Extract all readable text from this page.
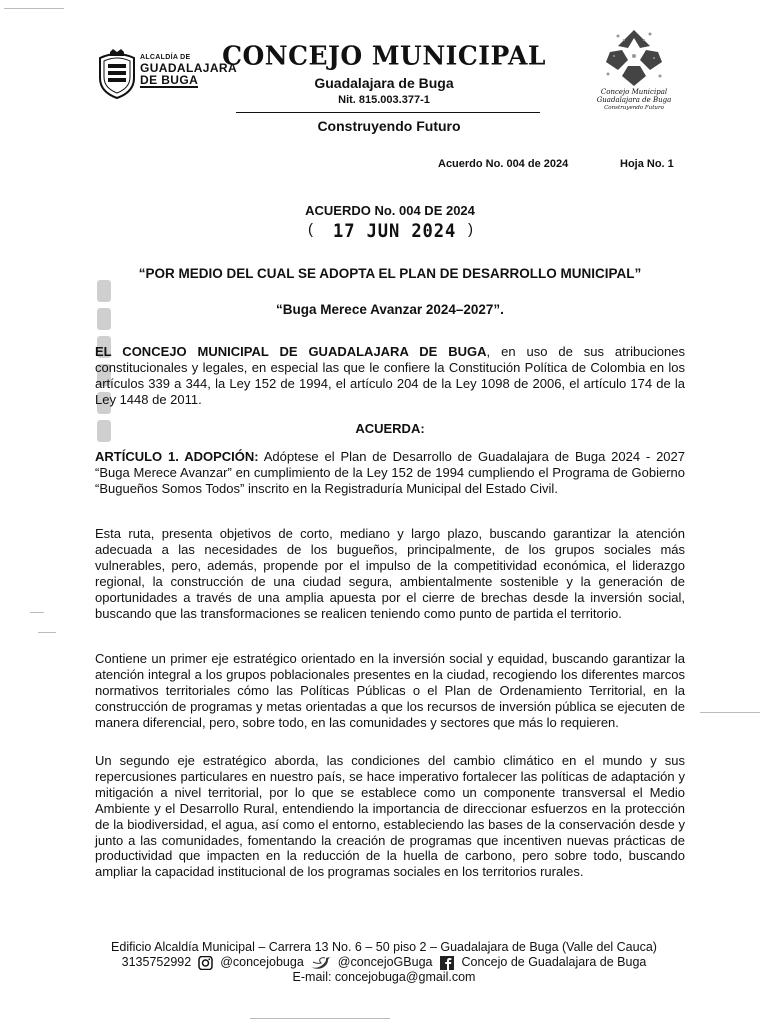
ALCALDÍA DE
GUADALAJARA
DE BUGA
CONCEJO MUNICIPAL
Guadalajara de Buga
Nit. 815.003.377-1
Construyendo Futuro
Concejo Municipal
Guadalajara de Buga
Construyendo Futuro
Acuerdo No. 004 de 2024	Hoja No. 1
ACUERDO No. 004 DE 2024
( 17 JUN 2024 )
“POR MEDIO DEL CUAL SE ADOPTA EL PLAN DE DESARROLLO MUNICIPAL”
“Buga Merece Avanzar 2024–2027”.
EL CONCEJO MUNICIPAL DE GUADALAJARA DE BUGA, en uso de sus atribuciones constitucionales y legales, en especial las que le confiere la Constitución Política de Colombia en los artículos 339 a 344, la Ley 152 de 1994, el artículo 204 de la Ley 1098 de 2006, el artículo 174 de la Ley 1448 de 2011.
ACUERDA:
ARTÍCULO 1. ADOPCIÓN: Adóptese el Plan de Desarrollo de Guadalajara de Buga 2024 - 2027 “Buga Merece Avanzar” en cumplimiento de la Ley 152 de 1994 cumpliendo el Programa de Gobierno “Bugueños Somos Todos” inscrito en la Registraduría Municipal del Estado Civil.
Esta ruta, presenta objetivos de corto, mediano y largo plazo, buscando garantizar la atención adecuada a las necesidades de los bugueños, principalmente, de los grupos sociales más vulnerables, pero, además, propende por el impulso de la competitividad económica, el liderazgo regional, la construcción de una ciudad segura, ambientalmente sostenible y la generación de oportunidades a través de una amplia apuesta por el cierre de brechas desde la inversión social, buscando que las transformaciones se realicen teniendo como punto de partida el territorio.
Contiene un primer eje estratégico orientado en la inversión social y equidad, buscando garantizar la atención integral a los grupos poblacionales presentes en la ciudad, recogiendo los diferentes marcos normativos territoriales cómo las Políticas Públicas o el Plan de Ordenamiento Territorial, en la construcción de programas y metas orientadas a que los recursos de inversión pública se ejecuten de manera diferencial, pero, sobre todo, en las comunidades y sectores que más lo requieren.
Un segundo eje estratégico aborda, las condiciones del cambio climático en el mundo y sus repercusiones particulares en nuestro país, se hace imperativo fortalecer las políticas de adaptación y mitigación a nivel territorial, por lo que se establece como un componente transversal el Medio Ambiente y el Desarrollo Rural, entendiendo la importancia de direccionar esfuerzos en la protección de la biodiversidad, el agua, así como el entorno, estableciendo las bases de la conservación desde y junto a las comunidades, fomentando la creación de programas que incentiven nuevas prácticas de productividad que impacten en la reducción de la huella de carbono, pero sobre todo, buscando ampliar la capacidad institucional de los programas sociales en los territorios rurales.
Edificio Alcaldía Municipal – Carrera 13 No. 6 – 50 piso 2 – Guadalajara de Buga (Valle del Cauca)
3135752992 @concejobuga	@concejoGBuga Concejo de Guadalajara de Buga
E-mail: concejobuga@gmail.com
